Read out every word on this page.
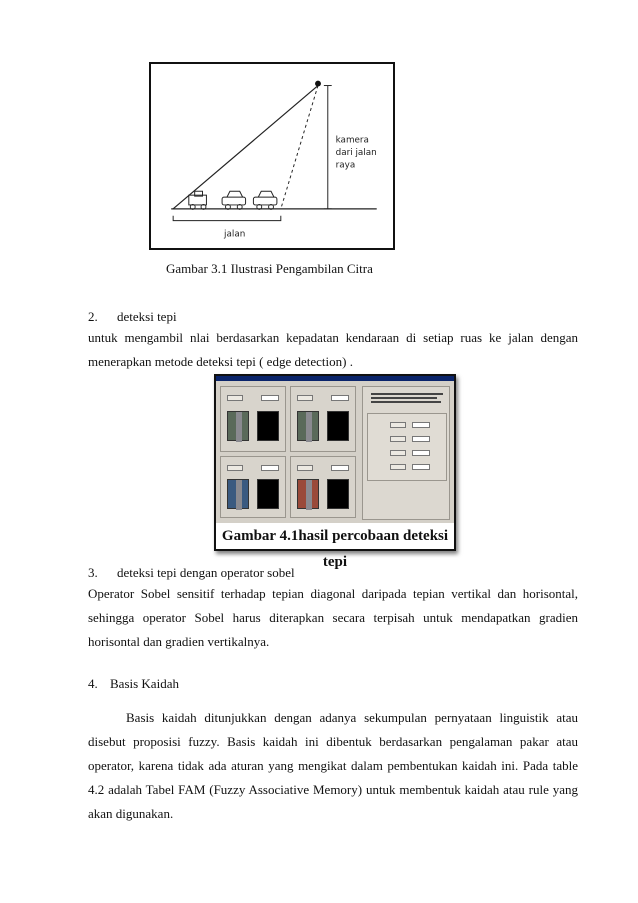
kamera
dari jalan
raya
jalan
Gambar 3.1 Ilustrasi Pengambilan Citra
2. deteksi tepi
untuk mengambil nlai berdasarkan kepadatan kendaraan di setiap ruas ke jalan dengan menerapkan metode deteksi tepi ( edge detection) .
Gambar 4.1hasil percobaan deteksi tepi
3. deteksi tepi dengan operator sobel
Operator Sobel sensitif terhadap tepian diagonal daripada tepian vertikal dan horisontal, sehingga operator Sobel harus diterapkan secara terpisah untuk mendapatkan gradien horisontal dan gradien vertikalnya.
4. Basis Kaidah
Basis kaidah ditunjukkan dengan adanya sekumpulan pernyataan linguistik atau disebut proposisi fuzzy. Basis kaidah ini dibentuk berdasarkan pengalaman pakar atau operator, karena tidak ada aturan yang mengikat dalam pembentukan kaidah ini. Pada table 4.2 adalah Tabel FAM (Fuzzy Associative Memory) untuk membentuk kaidah atau rule yang akan digunakan.
